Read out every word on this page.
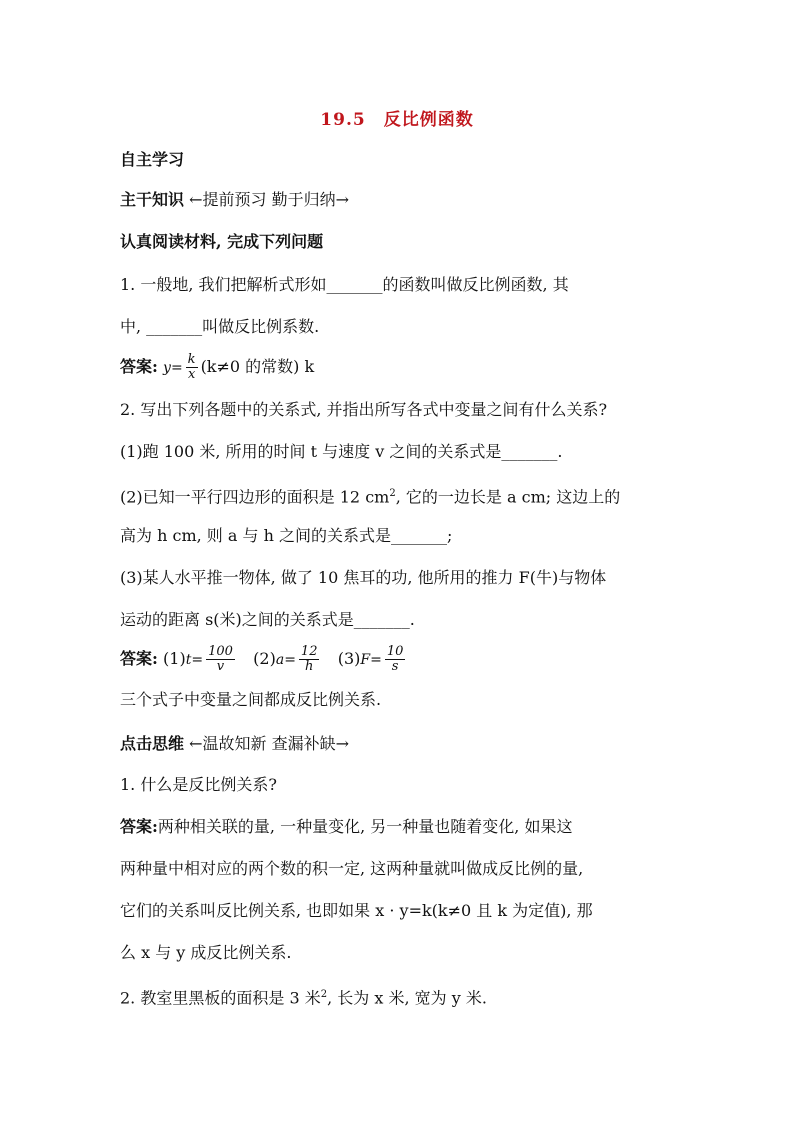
19.5 反比例函数
自主学习
主干知识 ←提前预习 勤于归纳→
认真阅读材料, 完成下列问题
1. 一般地, 我们把解析式形如_______的函数叫做反比例函数, 其
中, _______叫做反比例系数.
答案: $y= \frac{k}{x} (k\ne 0$ 的常数) k
2. 写出下列各题中的关系式, 并指出所写各式中变量之间有什么关系?
(1)跑 100 米, 所用的时间 t 与速度 v 之间的关系式是_______.
(2)已知一平行四边形的面积是 12 $cm^2$, 它的一边长是 a cm; 这边上的
高为 h cm, 则 a 与 h 之间的关系式是_______;
(3)某人水平推一物体, 做了 10 焦耳的功, 他所用的推力 F(牛)与物体
运动的距离 s(米)之间的关系式是_______.
答案: $(1)t= \frac{100}{v} (2)a= \frac{12}{h} (3)F= \frac{10}{s}$
三个式子中变量之间都成反比例关系.
点击思维 ←温故知新 查漏补缺→
1. 什么是反比例关系?
答案:两种相关联的量, 一种量变化, 另一种量也随着变化, 如果这
两种量中相对应的两个数的积一定, 这两种量就叫做成反比例的量,
它们的关系叫反比例关系, 也即如果 x · y=k(k≠0 且 k 为定值), 那
么 x 与 y 成反比例关系.
2. 教室里黑板的面积是 3 米$^2$, 长为 x 米, 宽为 y 米.
